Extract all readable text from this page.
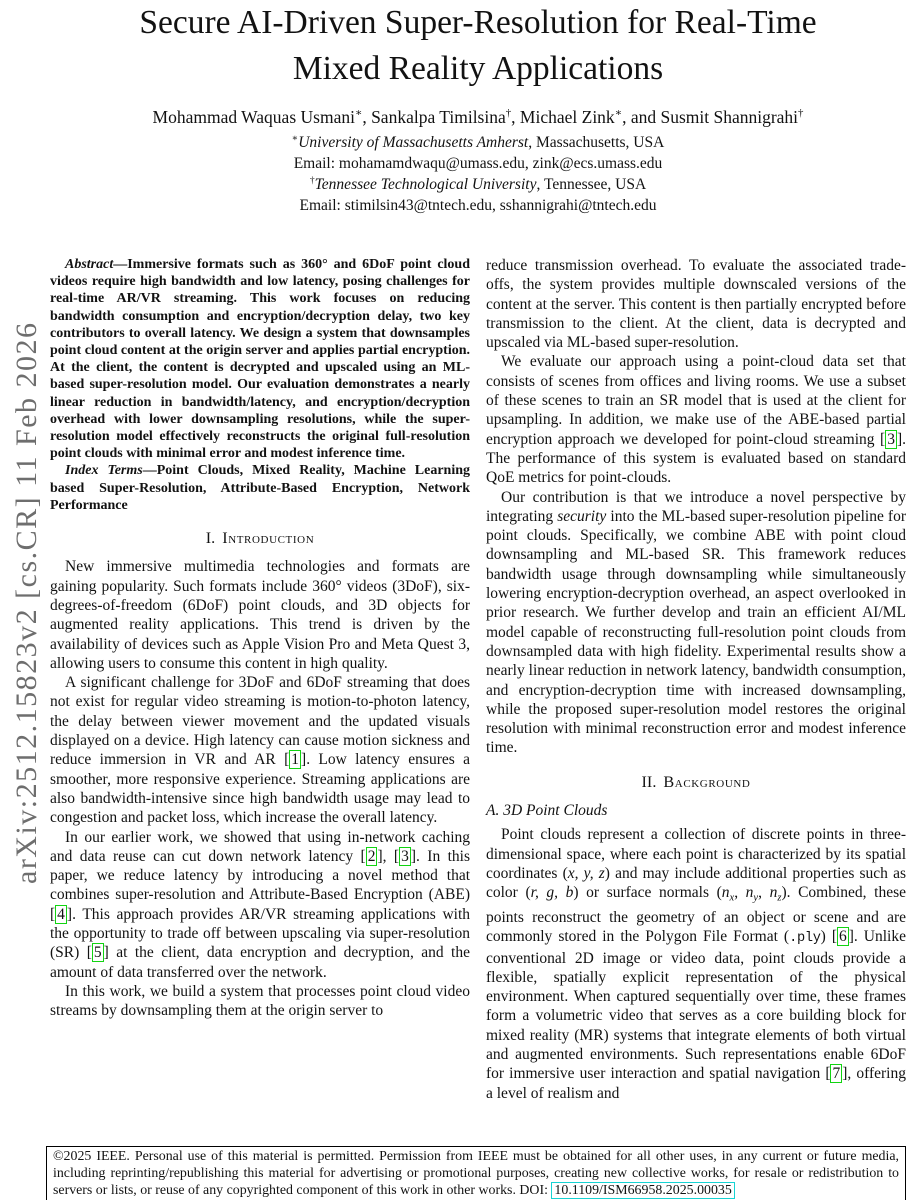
arXiv:2512.15823v2 [cs.CR] 11 Feb 2026
Secure AI-Driven Super-Resolution for Real-Time
Mixed Reality Applications
Mohammad Waquas Usmani∗, Sankalpa Timilsina†, Michael Zink∗, and Susmit Shannigrahi†
∗University of Massachusetts Amherst, Massachusetts, USA
Email: mohamamdwaqu@umass.edu, zink@ecs.umass.edu
†Tennessee Technological University, Tennessee, USA
Email: stimilsin43@tntech.edu, sshannigrahi@tntech.edu
Abstract—Immersive formats such as 360° and 6DoF point cloud videos require high bandwidth and low latency, posing challenges for real-time AR/VR streaming. This work focuses on reducing bandwidth consumption and encryption/decryption delay, two key contributors to overall latency. We design a system that downsamples point cloud content at the origin server and applies partial encryption. At the client, the content is decrypted and upscaled using an ML-based super-resolution model. Our evaluation demonstrates a nearly linear reduction in bandwidth/latency, and encryption/decryption overhead with lower downsampling resolutions, while the super-resolution model effectively reconstructs the original full-resolution point clouds with minimal error and modest inference time.
Index Terms—Point Clouds, Mixed Reality, Machine Learning based Super-Resolution, Attribute-Based Encryption, Network Performance
I. Introduction
New immersive multimedia technologies and formats are gaining popularity. Such formats include 360° videos (3DoF), six-degrees-of-freedom (6DoF) point clouds, and 3D objects for augmented reality applications. This trend is driven by the availability of devices such as Apple Vision Pro and Meta Quest 3, allowing users to consume this content in high quality.
A significant challenge for 3DoF and 6DoF streaming that does not exist for regular video streaming is motion-to-photon latency, the delay between viewer movement and the updated visuals displayed on a device. High latency can cause motion sickness and reduce immersion in VR and AR [ 1 ]. Low latency ensures a smoother, more responsive experience. Streaming applications are also bandwidth-intensive since high bandwidth usage may lead to congestion and packet loss, which increase the overall latency.
In our earlier work, we showed that using in-network caching and data reuse can cut down network latency [ 2 ], [ 3 ]. In this paper, we reduce latency by introducing a novel method that combines super-resolution and Attribute-Based Encryption (ABE) [ 4 ]. This approach provides AR/VR streaming applications with the opportunity to trade off between upscaling via super-resolution (SR) [ 5 ] at the client, data encryption and decryption, and the amount of data transferred over the network.
In this work, we build a system that processes point cloud video streams by downsampling them at the origin server to
reduce transmission overhead. To evaluate the associated trade-offs, the system provides multiple downscaled versions of the content at the server. This content is then partially encrypted before transmission to the client. At the client, data is decrypted and upscaled via ML-based super-resolution.
We evaluate our approach using a point-cloud data set that consists of scenes from offices and living rooms. We use a subset of these scenes to train an SR model that is used at the client for upsampling. In addition, we make use of the ABE-based partial encryption approach we developed for point-cloud streaming [ 3 ]. The performance of this system is evaluated based on standard QoE metrics for point-clouds.
Our contribution is that we introduce a novel perspective by integrating security into the ML-based super-resolution pipeline for point clouds. Specifically, we combine ABE with point cloud downsampling and ML-based SR. This framework reduces bandwidth usage through downsampling while simultaneously lowering encryption-decryption overhead, an aspect overlooked in prior research. We further develop and train an efficient AI/ML model capable of reconstructing full-resolution point clouds from downsampled data with high fidelity. Experimental results show a nearly linear reduction in network latency, bandwidth consumption, and encryption-decryption time with increased downsampling, while the proposed super-resolution model restores the original resolution with minimal reconstruction error and modest inference time.
II. Background
A. 3D Point Clouds
Point clouds represent a collection of discrete points in three-dimensional space, where each point is characterized by its spatial coordinates (x, y, z) and may include additional properties such as color (r, g, b) or surface normals ($n_x$, $n_y$, $n_z$). Combined, these points reconstruct the geometry of an object or scene and are commonly stored in the Polygon File Format (.ply) [ 6 ]. Unlike conventional 2D image or video data, point clouds provide a flexible, spatially explicit representation of the physical environment. When captured sequentially over time, these frames form a volumetric video that serves as a core building block for mixed reality (MR) systems that integrate elements of both virtual and augmented environments. Such representations enable 6DoF for immersive user interaction and spatial navigation [ 7 ], offering a level of realism and
©2025 IEEE. Personal use of this material is permitted. Permission from IEEE must be obtained for all other uses, in any current or future media, including reprinting/republishing this material for advertising or promotional purposes, creating new collective works, for resale or redistribution to servers or lists, or reuse of any copyrighted component of this work in other works. DOI: 10.1109/ISM66958.2025.00035
